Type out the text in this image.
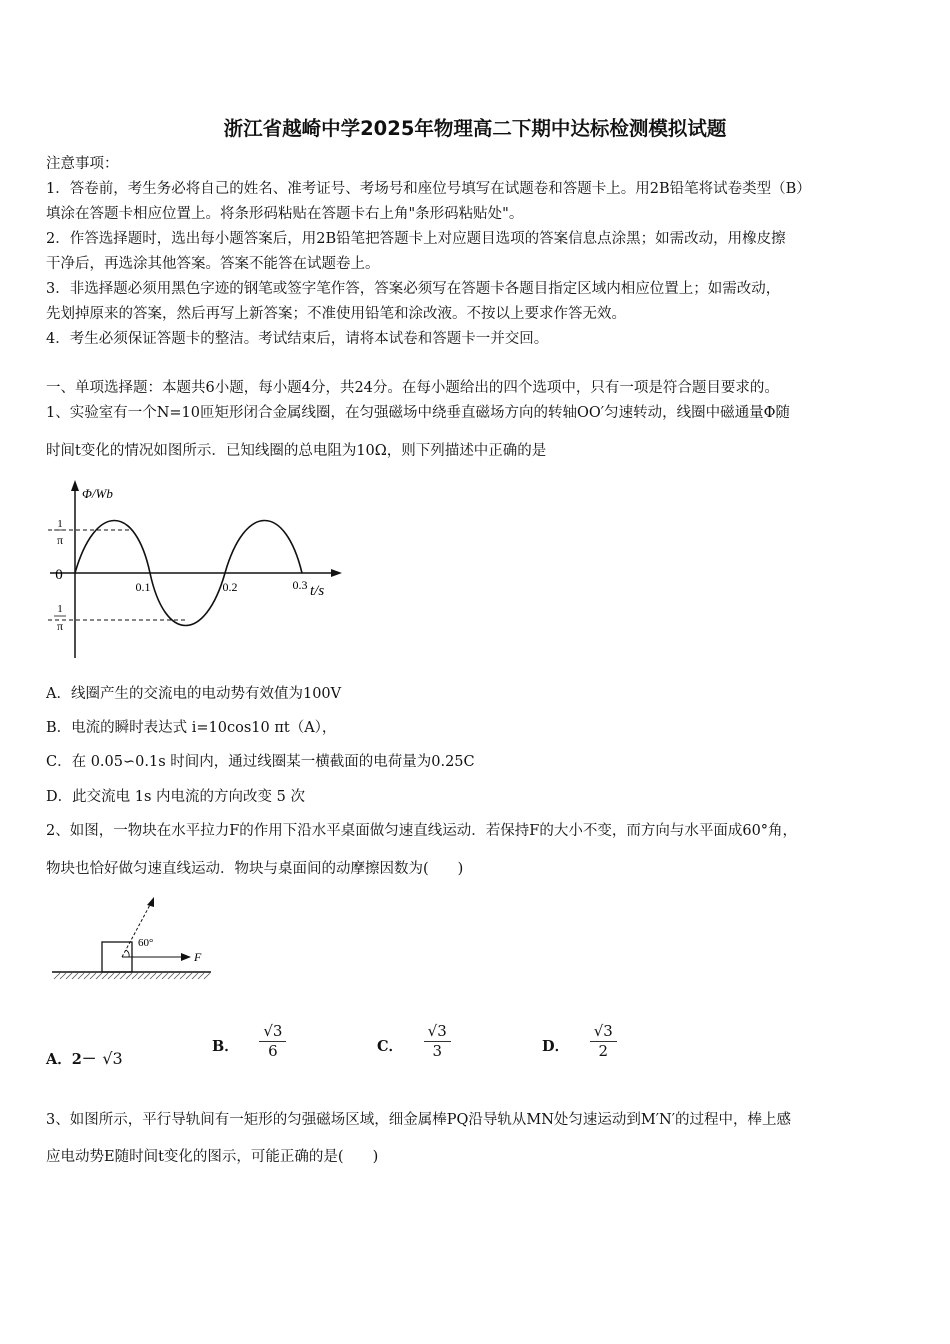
浙江省越崎中学2025年物理高二下期中达标检测模拟试题
注意事项：
1．答卷前，考生务必将自己的姓名、准考证号、考场号和座位号填写在试题卷和答题卡上。用2B铅笔将试卷类型（B）
填涂在答题卡相应位置上。将条形码粘贴在答题卡右上角"条形码粘贴处"。
2．作答选择题时，选出每小题答案后，用2B铅笔把答题卡上对应题目选项的答案信息点涂黑；如需改动，用橡皮擦
干净后，再选涂其他答案。答案不能答在试题卷上。
3．非选择题必须用黑色字迹的钢笔或签字笔作答，答案必须写在答题卡各题目指定区域内相应位置上；如需改动，
先划掉原来的答案，然后再写上新答案；不准使用铅笔和涂改液。不按以上要求作答无效。
4．考生必须保证答题卡的整洁。考试结束后，请将本试卷和答题卡一并交回。
一、单项选择题：本题共6小题，每小题4分，共24分。在每小题给出的四个选项中，只有一项是符合题目要求的。
1、实验室有一个N=10匝矩形闭合金属线圈，在匀强磁场中绕垂直磁场方向的转轴OO′匀速转动，线圈中磁通量Φ随
时间t变化的情况如图所示．已知线圈的总电阻为10Ω，则下列描述中正确的是
Φ/Wb
t/s
1
π
1
π
0
0.1	0.2	0.3
A．线圈产生的交流电的电动势有效值为100V
B．电流的瞬时表达式 i=10cos10 πt（A），
C．在 0.05∽0.1s 时间内，通过线圈某一横截面的电荷量为0.25C
D．此交流电 1s 内电流的方向改变 5 次
2、如图，一物块在水平拉力F的作用下沿水平桌面做匀速直线运动．若保持F的大小不变，而方向与水平面成60°角，
物块也恰好做匀速直线运动．物块与桌面间的动摩擦因数为(　　)
F
60°
A．2－ √3
B． $\frac{√3}{6}$	C． $\frac{√3}{3}$	D． $\frac{√3}{2}$
3、如图所示，平行导轨间有一矩形的匀强磁场区域，细金属棒PQ沿导轨从MN处匀速运动到M′N′的过程中，棒上感
应电动势E随时间t变化的图示，可能正确的是(　　)
